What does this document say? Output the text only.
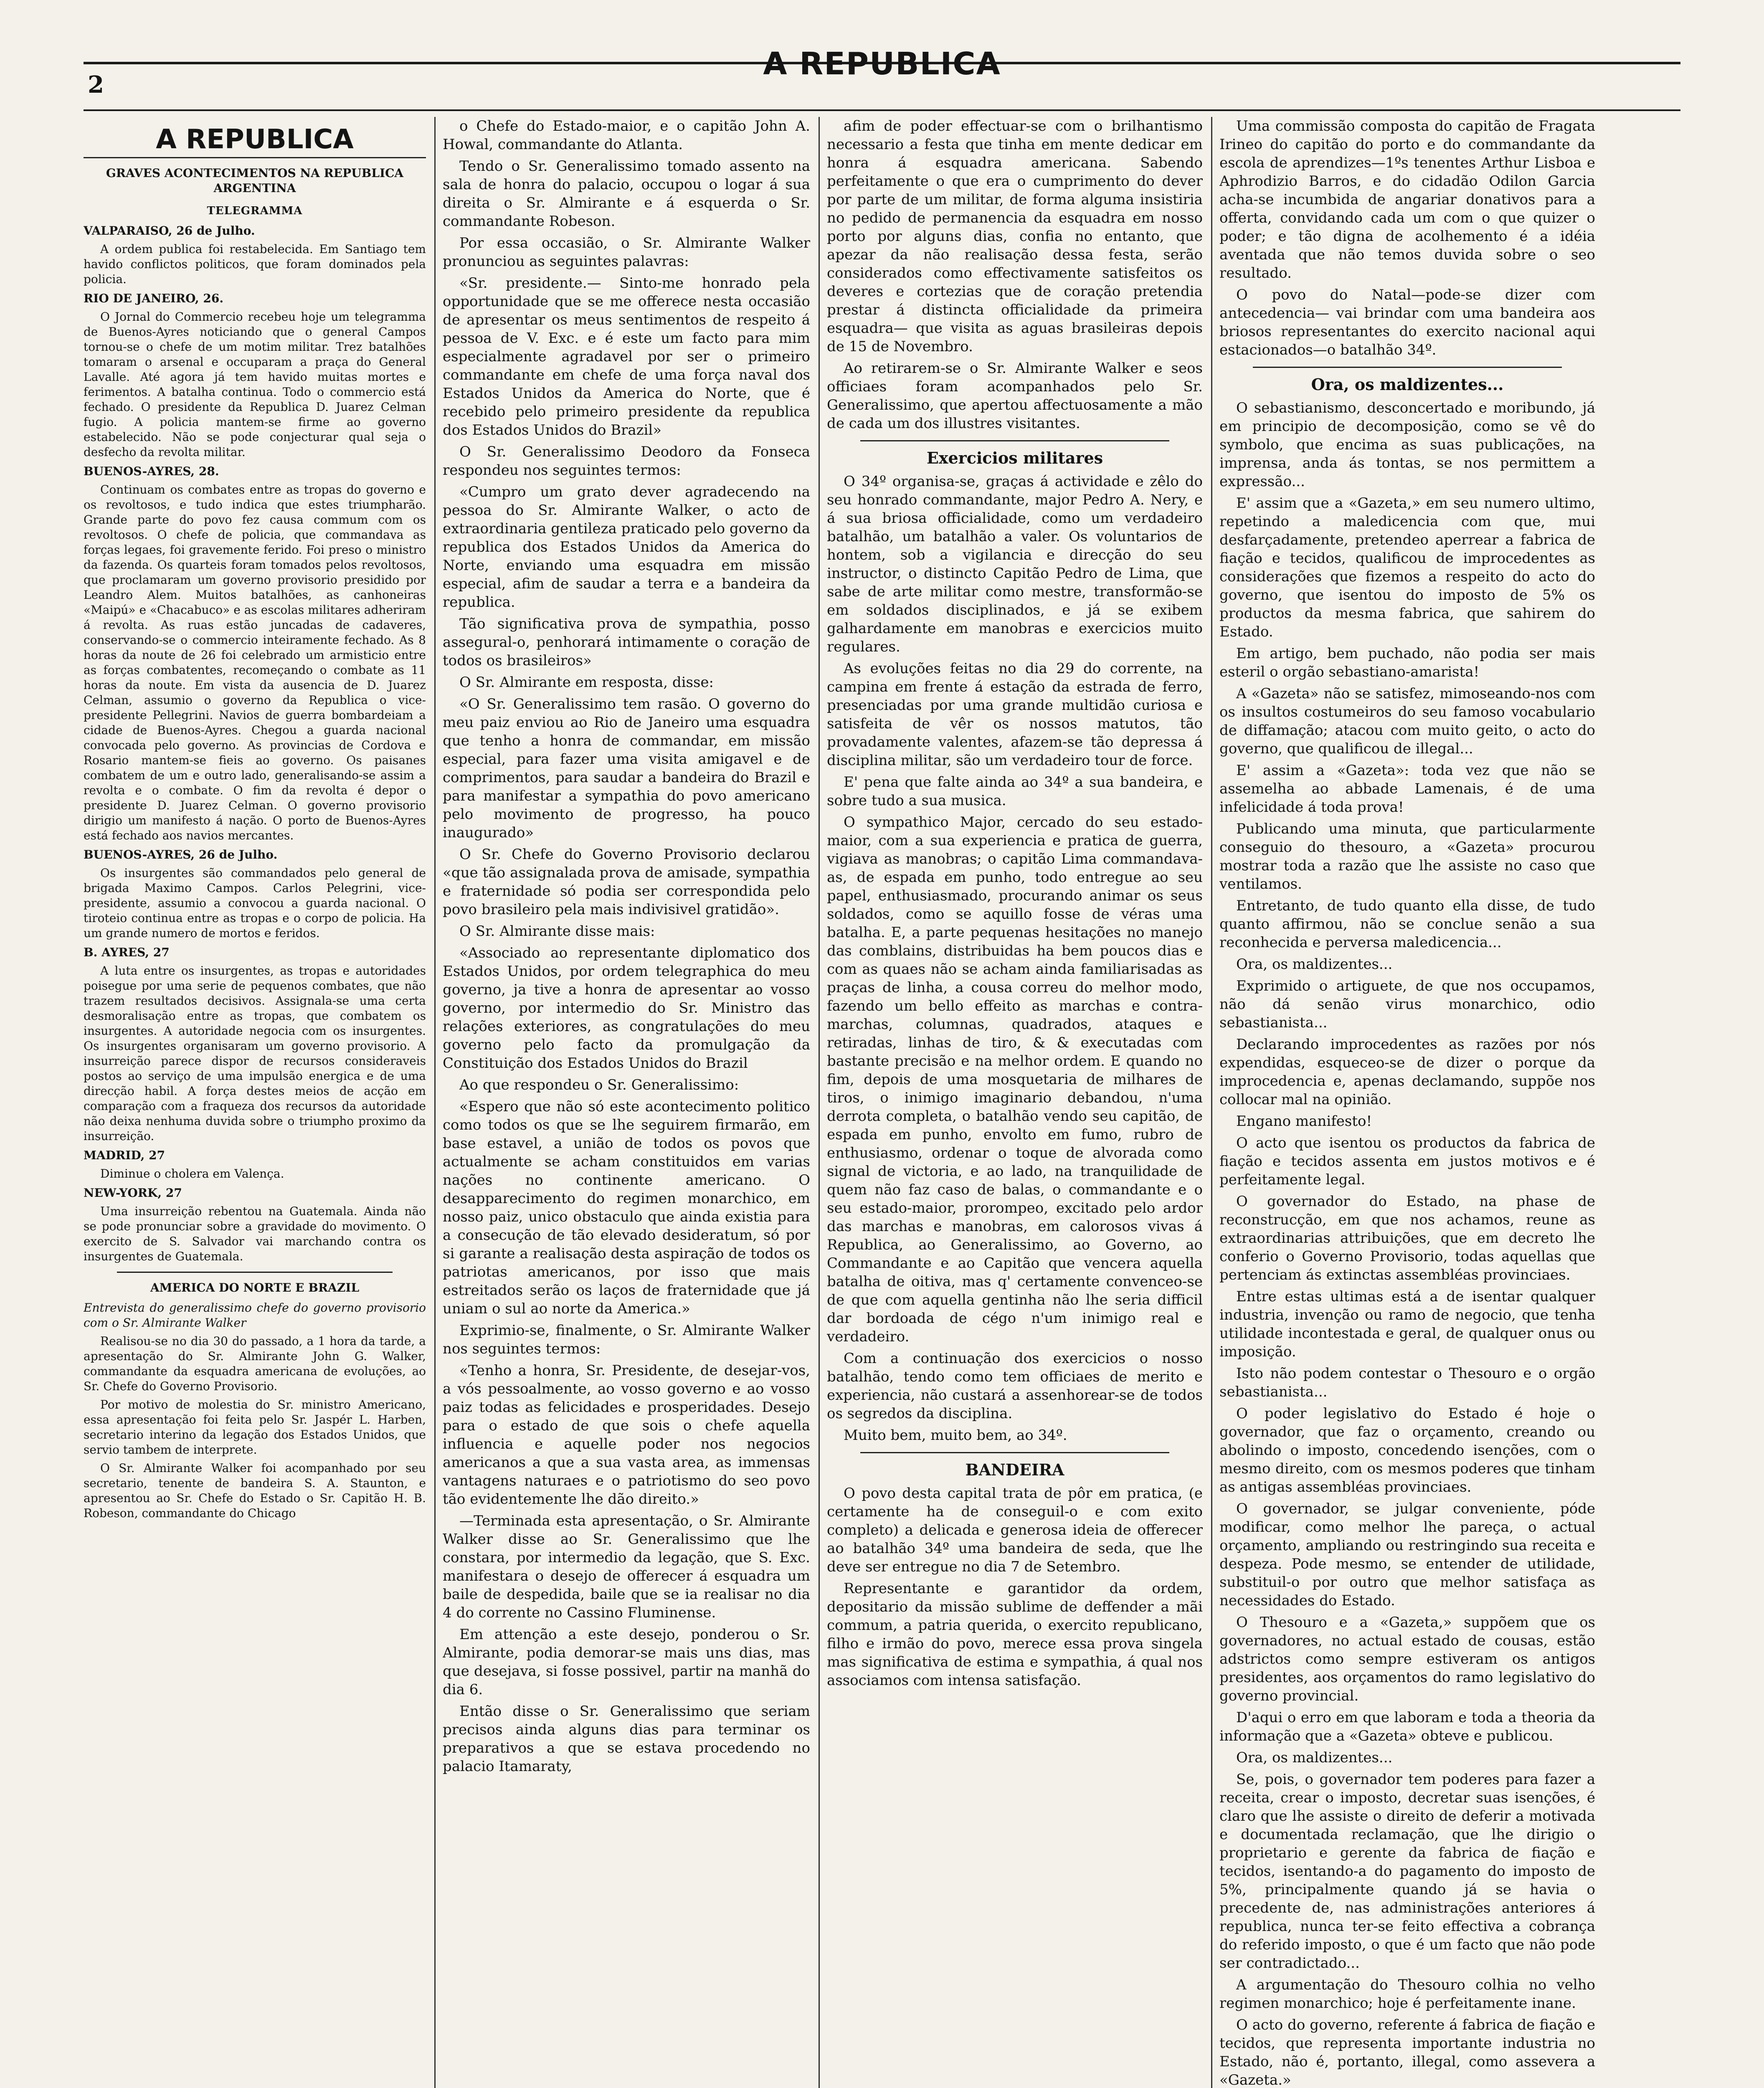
2
A REPUBLICA
A REPUBLICA
GRAVES ACONTECIMENTOS NA REPUBLICA ARGENTINA
TELEGRAMMA

VALPARAISO, 26 de Julho.

A ordem publica foi restabelecida. Em Santiago tem havido conflictos politicos, que foram dominados pela policia.

RIO DE JANEIRO, 26.

O Jornal do Commercio recebeu hoje um telegramma de Buenos-Ayres noticiando que o general Campos tornou-se o chefe de um motim militar. Trez batalhões tomaram o arsenal e occuparam a praça do General Lavalle. Até agora já tem havido muitas mortes e ferimentos. A batalha continua. Todo o commercio está fechado. O presidente da Republica D. Juarez Celman fugio. A policia mantem-se firme ao governo estabelecido. Não se pode conjecturar qual seja o desfecho da revolta militar.

BUENOS-AYRES, 28.

Continuam os combates entre as tropas do governo e os revoltosos, e tudo indica que estes triumpharão. Grande parte do povo fez causa commum com os revoltosos. O chefe de policia, que commandava as forças legaes, foi gravemente ferido. Foi preso o ministro da fazenda. Os quarteis foram tomados pelos revoltosos, que proclamaram um governo provisorio presidido por Leandro Alem. Muitos batalhões, as canhoneiras «Maipú» e «Chacabuco» e as escolas militares adheriram á revolta. As ruas estão juncadas de cadaveres, conservando-se o commercio inteiramente fechado. As 8 horas da noute de 26 foi celebrado um armisticio entre as forças combatentes, recomeçando o combate as 11 horas da noute. Em vista da ausencia de D. Juarez Celman, assumio o governo da Republica o vice-presidente Pellegrini. Navios de guerra bombardeiam a cidade de Buenos-Ayres. Chegou a guarda nacional convocada pelo governo. As provincias de Cordova e Rosario mantem-se fieis ao governo. Os paisanes combatem de um e outro lado, generalisando-se assim a revolta e o combate. O fim da revolta é depor o presidente D. Juarez Celman. O governo provisorio dirigio um manifesto á nação. O porto de Buenos-Ayres está fechado aos navios mercantes.

BUENOS-AYRES, 26 de Julho.

Os insurgentes são commandados pelo general de brigada Maximo Campos. Carlos Pelegrini, vice-presidente, assumio a convocou a guarda nacional. O tiroteio continua entre as tropas e o corpo de policia. Ha um grande numero de mortos e feridos.

B. AYRES, 27

A luta entre os insurgentes, as tropas e autoridades poisegue por uma serie de pequenos combates, que não trazem resultados decisivos. Assignala-se uma certa desmoralisação entre as tropas, que combatem os insurgentes. A autoridade negocia com os insurgentes. Os insurgentes organisaram um governo provisorio. A insurreição parece dispor de recursos consideraveis postos ao serviço de uma impulsão energica e de uma direcção habil. A força destes meios de acção em comparação com a fraqueza dos recursos da autoridade não deixa nenhuma duvida sobre o triumpho proximo da insurreição.

MADRID, 27

Diminue o cholera em Valença.

NEW-YORK, 27

Uma insurreição rebentou na Guatemala. Ainda não se pode pronunciar sobre a gravidade do movimento. O exercito de S. Salvador vai marchando contra os insurgentes de Guatemala.

AMERICA DO NORTE E BRAZIL

Entrevista do generalissimo chefe do governo provisorio com o Sr. Almirante Walker

Realisou-se no dia 30 do passado, a 1 hora da tarde, a apresentação do Sr. Almirante John G. Walker, commandante da esquadra americana de evoluções, ao Sr. Chefe do Governo Provisorio.

Por motivo de molestia do Sr. ministro Americano, essa apresentação foi feita pelo Sr. Jaspér L. Harben, secretario interino da legação dos Estados Unidos, que servio tambem de interprete.

O Sr. Almirante Walker foi acompanhado por seu secretario, tenente de bandeira S. A. Staunton, e apresentou ao Sr. Chefe do Estado o Sr. Capitão H. B. Robeson, commandante do Chicago

o Chefe do Estado-maior, e o capitão John A. Howal, commandante do Atlanta.

Tendo o Sr. Generalissimo tomado assento na sala de honra do palacio, occupou o logar á sua direita o Sr. Almirante e á esquerda o Sr. commandante Robeson.

Por essa occasião, o Sr. Almirante Walker pronunciou as seguintes palavras:

«Sr. presidente.— Sinto-me honrado pela opportunidade que se me offerece nesta occasião de apresentar os meus sentimentos de respeito á pessoa de V. Exc. e é este um facto para mim especialmente agradavel por ser o primeiro commandante em chefe de uma força naval dos Estados Unidos da America do Norte, que é recebido pelo primeiro presidente da republica dos Estados Unidos do Brazil»

O Sr. Generalissimo Deodoro da Fonseca respondeu nos seguintes termos:

«Cumpro um grato dever agradecendo na pessoa do Sr. Almirante Walker, o acto de extraordinaria gentileza praticado pelo governo da republica dos Estados Unidos da America do Norte, enviando uma esquadra em missão especial, afim de saudar a terra e a bandeira da republica.

Tão significativa prova de sympathia, posso assegural-o, penhorará intimamente o coração de todos os brasileiros»

O Sr. Almirante em resposta, disse:

«O Sr. Generalissimo tem rasão. O governo do meu paiz enviou ao Rio de Janeiro uma esquadra que tenho a honra de commandar, em missão especial, para fazer uma visita amigavel e de comprimentos, para saudar a bandeira do Brazil e para manifestar a sympathia do povo americano pelo movimento de progresso, ha pouco inaugurado»

O Sr. Chefe do Governo Provisorio declarou «que tão assignalada prova de amisade, sympathia e fraternidade só podia ser correspondida pelo povo brasileiro pela mais indivisivel gratidão».

O Sr. Almirante disse mais:

«Associado ao representante diplomatico dos Estados Unidos, por ordem telegraphica do meu governo, ja tive a honra de apresentar ao vosso governo, por intermedio do Sr. Ministro das relações exteriores, as congratulações do meu governo pelo facto da promulgação da Constituição dos Estados Unidos do Brazil

Ao que respondeu o Sr. Generalissimo:

«Espero que não só este acontecimento politico como todos os que se lhe seguirem firmarão, em base estavel, a união de todos os povos que actualmente se acham constituidos em varias nações no continente americano. O desapparecimento do regimen monarchico, em nosso paiz, unico obstaculo que ainda existia para a consecução de tão elevado desideratum, só por si garante a realisação desta aspiração de todos os patriotas americanos, por isso que mais estreitados serão os laços de fraternidade que já uniam o sul ao norte da America.»

Exprimio-se, finalmente, o Sr. Almirante Walker nos seguintes termos:

«Tenho a honra, Sr. Presidente, de desejar-vos, a vós pessoalmente, ao vosso governo e ao vosso paiz todas as felicidades e prosperidades. Desejo para o estado de que sois o chefe aquella influencia e aquelle poder nos negocios americanos a que a sua vasta area, as immensas vantagens naturaes e o patriotismo do seo povo tão evidentemente lhe dão direito.»

—Terminada esta apresentação, o Sr. Almirante Walker disse ao Sr. Generalissimo que lhe constara, por intermedio da legação, que S. Exc. manifestara o desejo de offerecer á esquadra um baile de despedida, baile que se ia realisar no dia 4 do corrente no Cassino Fluminense.

Em attenção a este desejo, ponderou o Sr. Almirante, podia demorar-se mais uns dias, mas que desejava, si fosse possivel, partir na manhã do dia 6.

Então disse o Sr. Generalissimo que seriam precisos ainda alguns dias para terminar os preparativos a que se estava procedendo no palacio Itamaraty,

afim de poder effectuar-se com o brilhantismo necessario a festa que tinha em mente dedicar em honra á esquadra americana. Sabendo perfeitamente o que era o cumprimento do dever por parte de um militar, de forma alguma insistiria no pedido de permanencia da esquadra em nosso porto por alguns dias, confia no entanto, que apezar da não realisação dessa festa, serão considerados como effectivamente satisfeitos os deveres e cortezias que de coração pretendia prestar á distincta officialidade da primeira esquadra— que visita as aguas brasileiras depois de 15 de Novembro.

Ao retirarem-se o Sr. Almirante Walker e seos officiaes foram acompanhados pelo Sr. Generalissimo, que apertou affectuosamente a mão de cada um dos illustres visitantes.

Exercicios militares

O 34º organisa-se, graças á actividade e zêlo do seu honrado commandante, major Pedro A. Nery, e á sua briosa officialidade, como um verdadeiro batalhão, um batalhão a valer. Os voluntarios de hontem, sob a vigilancia e direcção do seu instructor, o distincto Capitão Pedro de Lima, que sabe de arte militar como mestre, transformão-se em soldados disciplinados, e já se exibem galhardamente em manobras e exercicios muito regulares.

As evoluções feitas no dia 29 do corrente, na campina em frente á estação da estrada de ferro, presenciadas por uma grande multidão curiosa e satisfeita de vêr os nossos matutos, tão provadamente valentes, afazem-se tão depressa á disciplina militar, são um verdadeiro tour de force.

E' pena que falte ainda ao 34º a sua bandeira, e sobre tudo a sua musica.

O sympathico Major, cercado do seu estado-maior, com a sua experiencia e pratica de guerra, vigiava as manobras; o capitão Lima commandava-as, de espada em punho, todo entregue ao seu papel, enthusiasmado, procurando animar os seus soldados, como se aquillo fosse de véras uma batalha. E, a parte pequenas hesitações no manejo das comblains, distribuidas ha bem poucos dias e com as quaes não se acham ainda familiarisadas as praças de linha, a cousa correu do melhor modo, fazendo um bello effeito as marchas e contra-marchas, columnas, quadrados, ataques e retiradas, linhas de tiro, & & executadas com bastante precisão e na melhor ordem. E quando no fim, depois de uma mosquetaria de milhares de tiros, o inimigo imaginario debandou, n'uma derrota completa, o batalhão vendo seu capitão, de espada em punho, envolto em fumo, rubro de enthusiasmo, ordenar o toque de alvorada como signal de victoria, e ao lado, na tranquilidade de quem não faz caso de balas, o commandante e o seu estado-maior, prorompeo, excitado pelo ardor das marchas e manobras, em calorosos vivas á Republica, ao Generalissimo, ao Governo, ao Commandante e ao Capitão que vencera aquella batalha de oitiva, mas q' certamente convenceo-se de que com aquella gentinha não lhe seria difficil dar bordoada de cégo n'um inimigo real e verdadeiro.

Com a continuação dos exercicios o nosso batalhão, tendo como tem officiaes de merito e experiencia, não custará a assenhorear-se de todos os segredos da disciplina.

Muito bem, muito bem, ao 34º.

BANDEIRA

O povo desta capital trata de pôr em pratica, (e certamente ha de conseguil-o e com exito completo) a delicada e generosa ideia de offerecer ao batalhão 34º uma bandeira de seda, que lhe deve ser entregue no dia 7 de Setembro.

Representante e garantidor da ordem, depositario da missão sublime de deffender a mãi commum, a patria querida, o exercito republicano, filho e irmão do povo, merece essa prova singela mas significativa de estima e sympathia, á qual nos associamos com intensa satisfação.

Uma commissão composta do capitão de Fragata Irineo do capitão do porto e do commandante da escola de aprendizes—1ºs tenentes Arthur Lisboa e Aphrodizio Barros, e do cidadão Odilon Garcia acha-se incumbida de angariar donativos para a offerta, convidando cada um com o que quizer o poder; e tão digna de acolhemento é a idéia aventada que não temos duvida sobre o seo resultado.

O povo do Natal—pode-se dizer com antecedencia— vai brindar com uma bandeira aos briosos representantes do exercito nacional aqui estacionados—o batalhão 34º.

Ora, os maldizentes...

O sebastianismo, desconcertado e moribundo, já em principio de decomposição, como se vê do symbolo, que encima as suas publicações, na imprensa, anda ás tontas, se nos permittem a expressão...

E' assim que a «Gazeta,» em seu numero ultimo, repetindo a maledicencia com que, mui desfarçadamente, pretendeo aperrear a fabrica de fiação e tecidos, qualificou de improcedentes as considerações que fizemos a respeito do acto do governo, que isentou do imposto de 5% os productos da mesma fabrica, que sahirem do Estado.

Em artigo, bem puchado, não podia ser mais esteril o orgão sebastiano-amarista!

A «Gazeta» não se satisfez, mimoseando-nos com os insultos costumeiros do seu famoso vocabulario de diffamação; atacou com muito geito, o acto do governo, que qualificou de illegal...

E' assim a «Gazeta»: toda vez que não se assemelha ao abbade Lamenais, é de uma infelicidade á toda prova!

Publicando uma minuta, que particularmente conseguio do thesouro, a «Gazeta» procurou mostrar toda a razão que lhe assiste no caso que ventilamos.

Entretanto, de tudo quanto ella disse, de tudo quanto affirmou, não se conclue senão a sua reconhecida e perversa maledicencia...

Ora, os maldizentes...

Exprimido o artiguete, de que nos occupamos, não dá senão virus monarchico, odio sebastianista...

Declarando improcedentes as razões por nós expendidas, esqueceo-se de dizer o porque da improcedencia e, apenas declamando, suppõe nos collocar mal na opinião.

Engano manifesto!

O acto que isentou os productos da fabrica de fiação e tecidos assenta em justos motivos e é perfeitamente legal.

O governador do Estado, na phase de reconstrucção, em que nos achamos, reune as extraordinarias attribuições, que em decreto lhe conferio o Governo Provisorio, todas aquellas que pertenciam ás extinctas assembléas provinciaes.

Entre estas ultimas está a de isentar qualquer industria, invenção ou ramo de negocio, que tenha utilidade incontestada e geral, de qualquer onus ou imposição.

Isto não podem contestar o Thesouro e o orgão sebastianista...

O poder legislativo do Estado é hoje o governador, que faz o orçamento, creando ou abolindo o imposto, concedendo isenções, com o mesmo direito, com os mesmos poderes que tinham as antigas assembléas provinciaes.

O governador, se julgar conveniente, póde modificar, como melhor lhe pareça, o actual orçamento, ampliando ou restringindo sua receita e despeza. Pode mesmo, se entender de utilidade, substituil-o por outro que melhor satisfaça as necessidades do Estado.

O Thesouro e a «Gazeta,» suppõem que os governadores, no actual estado de cousas, estão adstrictos como sempre estiveram os antigos presidentes, aos orçamentos do ramo legislativo do governo provincial.

D'aqui o erro em que laboram e toda a theoria da informação que a «Gazeta» obteve e publicou.

Ora, os maldizentes...

Se, pois, o governador tem poderes para fazer a receita, crear o imposto, decretar suas isenções, é claro que lhe assiste o direito de deferir a motivada e documentada reclamação, que lhe dirigio o proprietario e gerente da fabrica de fiação e tecidos, isentando-a do pagamento do imposto de 5%, principalmente quando já se havia o precedente de, nas administrações anteriores á republica, nunca ter-se feito effectiva a cobrança do referido imposto, o que é um facto que não pode ser contradictado...

A argumentação do Thesouro colhia no velho regimen monarchico; hoje é perfeitamente inane.

O acto do governo, referente á fabrica de fiação e tecidos, que representa importante industria no Estado, não é, portanto, illegal, como assevera a «Gazeta.»
